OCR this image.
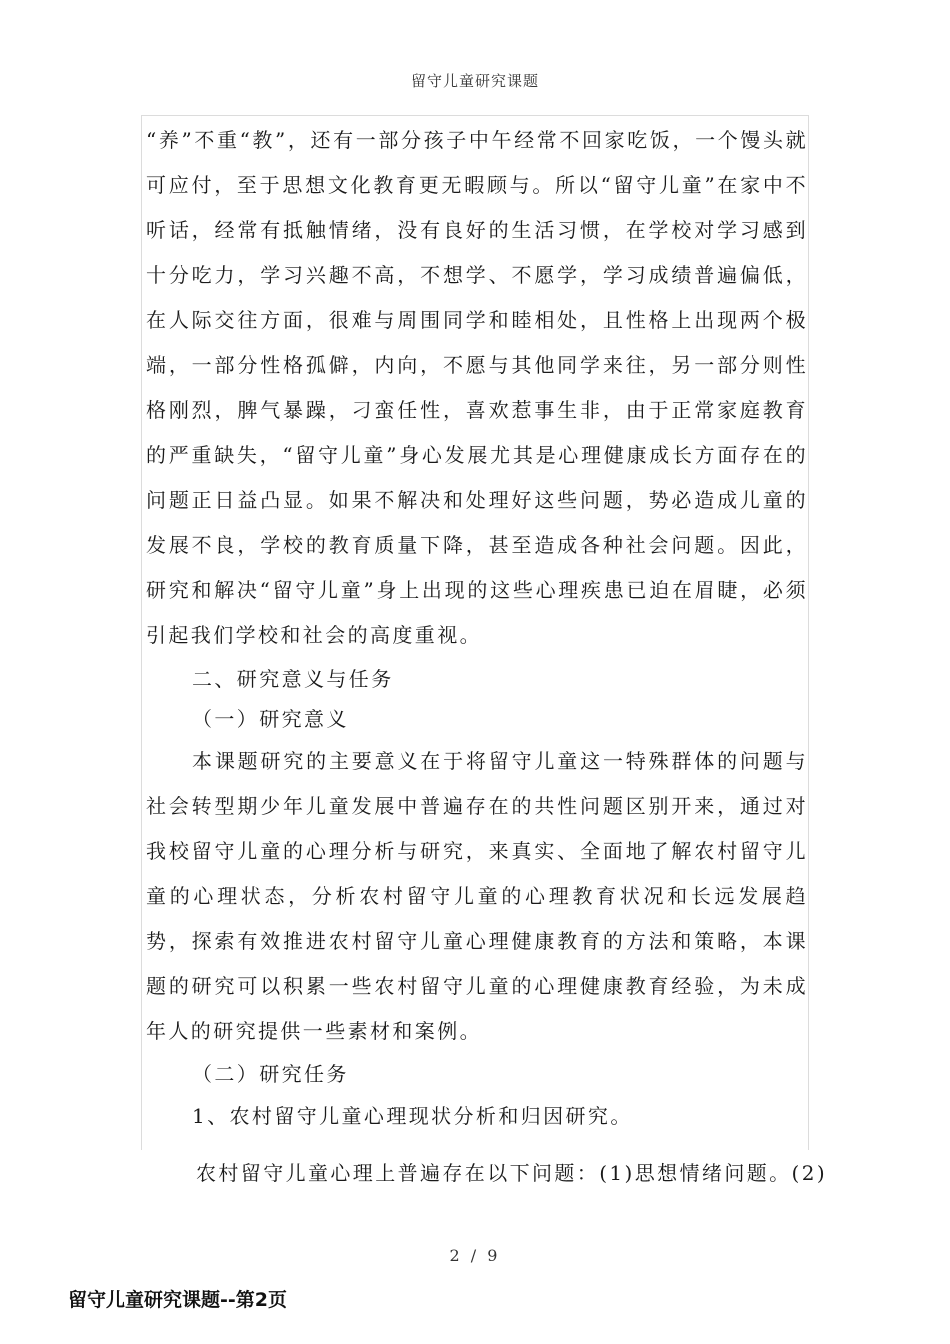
留守儿童研究课题

“养”不重“教”，还有一部分孩子中午经常不回家吃饭，一个馒头就可应付，至于思想文化教育更无暇顾与。所以“留守儿童”在家中不听话，经常有抵触情绪，没有良好的生活习惯，在学校对学习感到十分吃力，学习兴趣不高，不想学、不愿学，学习成绩普遍偏低，在人际交往方面，很难与周围同学和睦相处，且性格上出现两个极端，一部分性格孤僻，内向，不愿与其他同学来往，另一部分则性格刚烈，脾气暴躁，刁蛮任性，喜欢惹事生非，由于正常家庭教育的严重缺失，“留守儿童”身心发展尤其是心理健康成长方面存在的问题正日益凸显。如果不解决和处理好这些问题，势必造成儿童的发展不良，学校的教育质量下降，甚至造成各种社会问题。因此，研究和解决“留守儿童”身上出现的这些心理疾患已迫在眉睫，必须引起我们学校和社会的高度重视。

二、研究意义与任务

（一）研究意义

本课题研究的主要意义在于将留守儿童这一特殊群体的问题与社会转型期少年儿童发展中普遍存在的共性问题区别开来，通过对我校留守儿童的心理分析与研究，来真实、全面地了解农村留守儿童的心理状态，分析农村留守儿童的心理教育状况和长远发展趋势，探索有效推进农村留守儿童心理健康教育的方法和策略，本课题的研究可以积累一些农村留守儿童的心理健康教育经验，为未成年人的研究提供一些素材和案例。

（二）研究任务

1、农村留守儿童心理现状分析和归因研究。

农村留守儿童心理上普遍存在以下问题：(1)思想情绪问题。(2)
2 / 9
留守儿童研究课题--第2页
